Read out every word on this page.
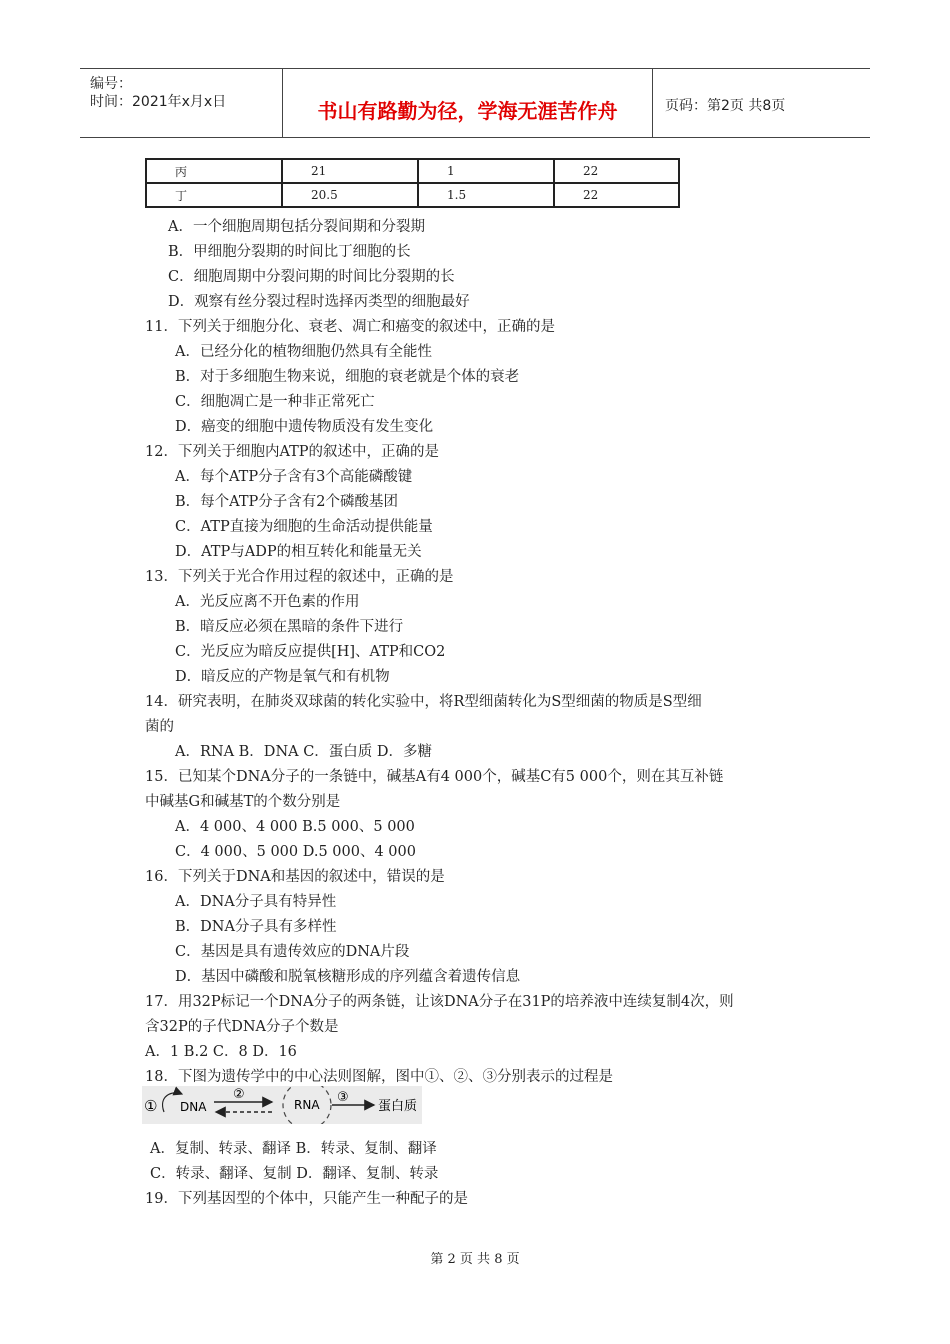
编号：
时间：2021年x月x日	书山有路勤为径，学海无涯苦作舟	页码：第2页 共8页
丙	21	1	22
丁	20.5	1.5	22
A．一个细胞周期包括分裂间期和分裂期
B．甲细胞分裂期的时间比丁细胞的长
C．细胞周期中分裂问期的时间比分裂期的长
D．观察有丝分裂过程时选择丙类型的细胞最好
11．下列关于细胞分化、衰老、凋亡和癌变的叙述中，正确的是
A．已经分化的植物细胞仍然具有全能性
B．对于多细胞生物来说，细胞的衰老就是个体的衰老
C．细胞凋亡是一种非正常死亡
D．癌变的细胞中遗传物质没有发生变化
12．下列关于细胞内ATP的叙述中，正确的是
A．每个ATP分子含有3个高能磷酸键
B．每个ATP分子含有2个磷酸基团
C．ATP直接为细胞的生命活动提供能量
D．ATP与ADP的相互转化和能量无关
13．下列关于光合作用过程的叙述中，正确的是
A．光反应离不开色素的作用
B．暗反应必须在黑暗的条件下进行
C．光反应为暗反应提供[H]、ATP和CO2
D．暗反应的产物是氧气和有机物
14．研究表明，在肺炎双球菌的转化实验中，将R型细菌转化为S型细菌的物质是S型细
菌的
A．RNA B．DNA C．蛋白质 D．多糖
15．已知某个DNA分子的一条链中，碱基A有4 000个，碱基C有5 000个，则在其互补链
中碱基G和碱基T的个数分别是
A．4 000、4 000 B.5 000、5 000
C．4 000、5 000 D.5 000、4 000
16．下列关于DNA和基因的叙述中，错误的是
A．DNA分子具有特异性
B．DNA分子具有多样性
C．基因是具有遗传效应的DNA片段
D．基因中磷酸和脱氧核糖形成的序列蕴含着遗传信息
17．用32P标记一个DNA分子的两条链，让该DNA分子在31P的培养液中连续复制4次，则
含32P的子代DNA分子个数是
A．1 B.2 C．8 D．16
18．下图为遗传学中的中心法则图解，图中①、②、③分别表示的过程是
A．复制、转录、翻译 B．转录、复制、翻译
C．转录、翻译、复制 D．翻译、复制、转录
19．下列基因型的个体中，只能产生一种配子的是
① DNA
②
RNA ③
蛋白质
第 2 页 共 8 页
